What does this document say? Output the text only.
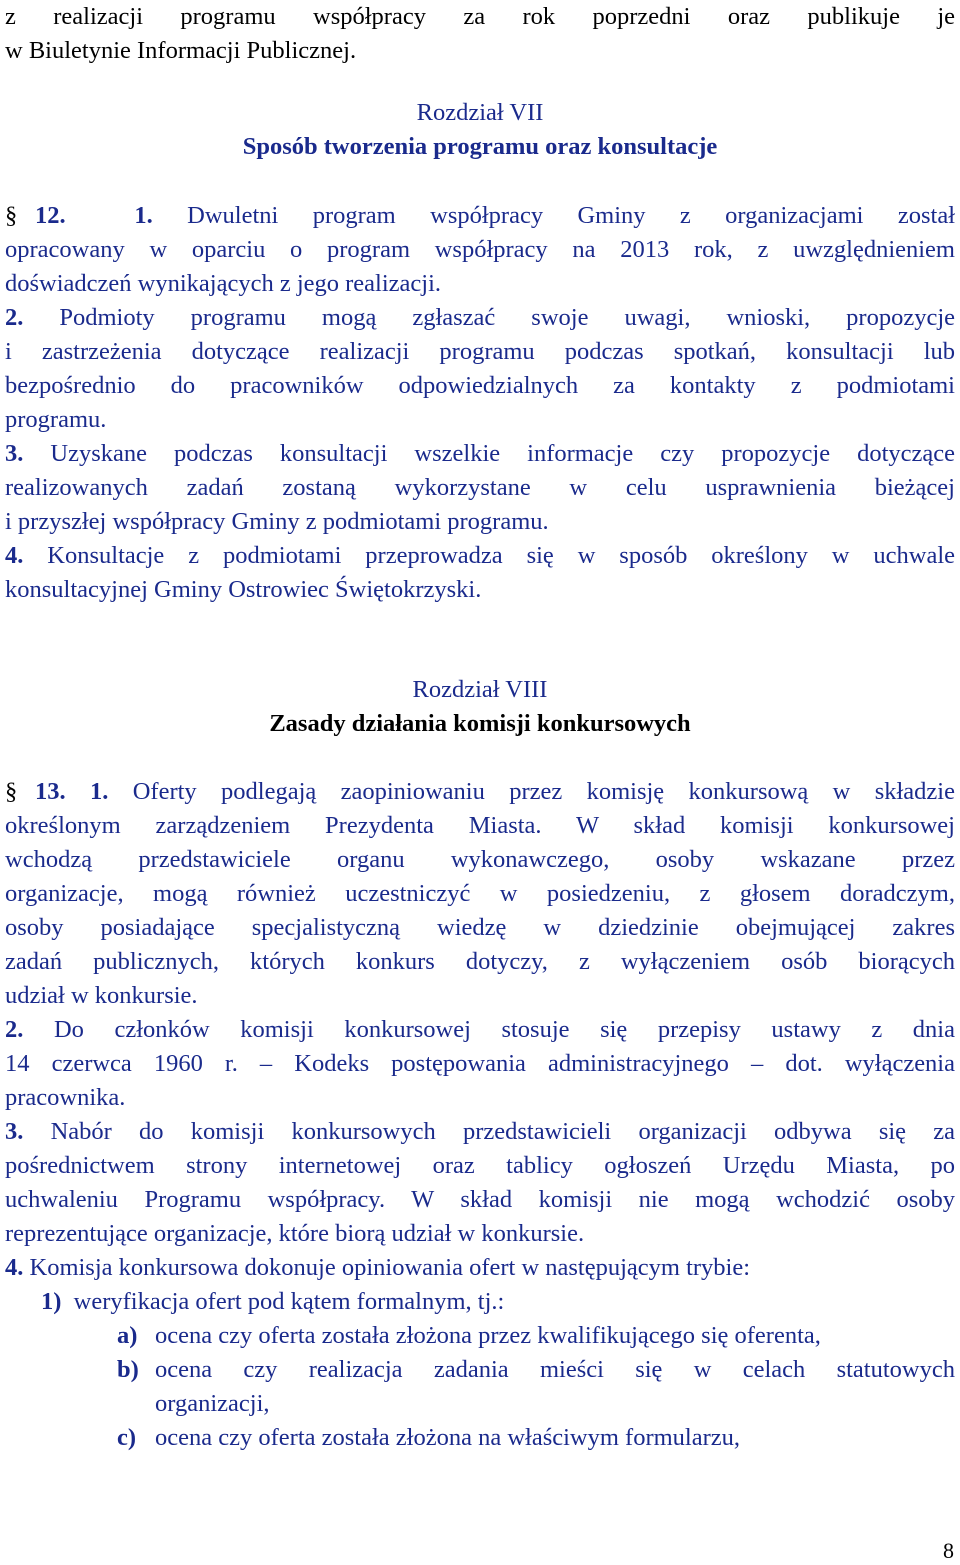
z realizacji programu współpracy za rok poprzedni oraz publikuje je
w Biuletynie Informacji Publicznej.
Rozdział VII
Sposób tworzenia programu oraz konsultacje
§ 12.	1. Dwuletni program współpracy Gminy z organizacjami został
opracowany w oparciu o program współpracy na 2013 rok, z uwzględnieniem
doświadczeń wynikających z jego realizacji.
2. Podmioty programu mogą zgłaszać swoje uwagi, wnioski, propozycje
i zastrzeżenia dotyczące realizacji programu podczas spotkań, konsultacji lub
bezpośrednio do pracowników odpowiedzialnych za kontakty z podmiotami
programu.
3. Uzyskane podczas konsultacji wszelkie informacje czy propozycje dotyczące
realizowanych zadań zostaną wykorzystane w celu usprawnienia bieżącej
i przyszłej współpracy Gminy z podmiotami programu.
4. Konsultacje z podmiotami przeprowadza się w sposób określony w uchwale
konsultacyjnej Gminy Ostrowiec Świętokrzyski.
Rozdział VIII
Zasady działania komisji konkursowych
§ 13. 1. Oferty podlegają zaopiniowaniu przez komisję konkursową w składzie
określonym zarządzeniem Prezydenta Miasta. W skład komisji konkursowej
wchodzą przedstawiciele organu wykonawczego, osoby wskazane przez
organizacje, mogą również uczestniczyć w posiedzeniu, z głosem doradczym,
osoby posiadające specjalistyczną wiedzę w dziedzinie obejmującej zakres
zadań publicznych, których konkurs dotyczy, z wyłączeniem osób biorących
udział w konkursie.
2. Do członków komisji konkursowej stosuje się przepisy ustawy z dnia
14 czerwca 1960 r. – Kodeks postępowania administracyjnego – dot. wyłączenia
pracownika.
3. Nabór do komisji konkursowych przedstawicieli organizacji odbywa się za
pośrednictwem strony internetowej oraz tablicy ogłoszeń Urzędu Miasta, po
uchwaleniu Programu współpracy. W skład komisji nie mogą wchodzić osoby
reprezentujące organizacje, które biorą udział w konkursie.
4. Komisja konkursowa dokonuje opiniowania ofert w następującym trybie:
1) weryfikacja ofert pod kątem formalnym, tj.:
a) ocena czy oferta została złożona przez kwalifikującego się oferenta,
b) ocena czy realizacja zadania mieści się w celach statutowych
organizacji,
c) ocena czy oferta została złożona na właściwym formularzu,
8
